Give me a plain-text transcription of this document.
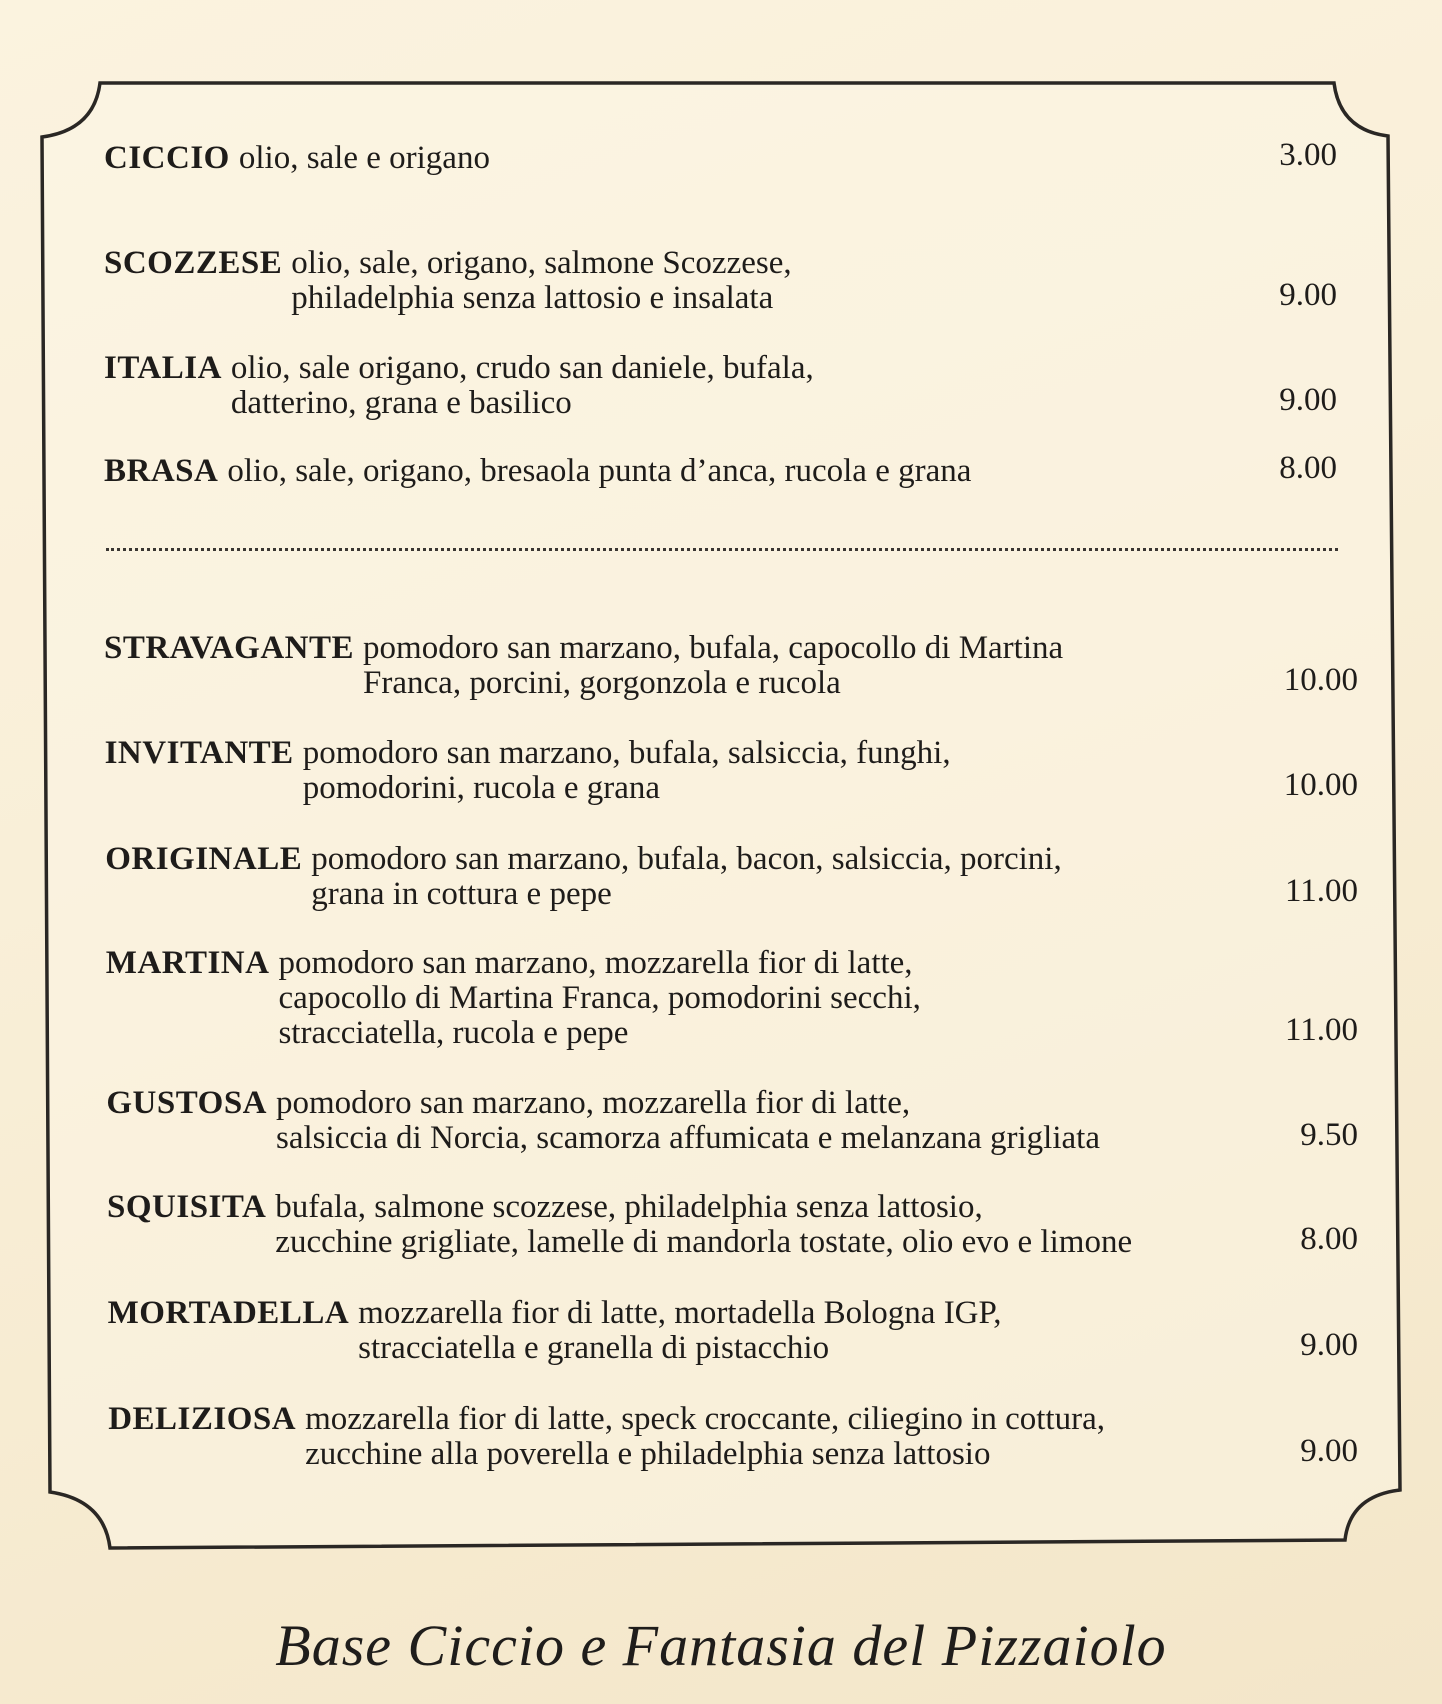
CICCIO olio, sale e origano	3.00
SCOZZESE olio, sale, origano, salmone Scozzese,
philadelphia senza lattosio e insalata	9.00
ITALIA olio, sale origano, crudo san daniele, bufala,
datterino, grana e basilico	9.00
BRASA olio, sale, origano, bresaola punta d’anca, rucola e grana	8.00
STRAVAGANTE pomodoro san marzano, bufala, capocollo di Martina
Franca, porcini, gorgonzola e rucola	10.00
INVITANTE pomodoro san marzano, bufala, salsiccia, funghi,
pomodorini, rucola e grana	10.00
ORIGINALE pomodoro san marzano, bufala, bacon, salsiccia, porcini,
grana in cottura e pepe	11.00
MARTINA pomodoro san marzano, mozzarella fior di latte,
capocollo di Martina Franca, pomodorini secchi,
stracciatella, rucola e pepe	11.00
GUSTOSA pomodoro san marzano, mozzarella fior di latte,
salsiccia di Norcia, scamorza affumicata e melanzana grigliata	9.50
SQUISITA bufala, salmone scozzese, philadelphia senza lattosio,
zucchine grigliate, lamelle di mandorla tostate, olio evo e limone	8.00
MORTADELLA mozzarella fior di latte, mortadella Bologna IGP,
stracciatella e granella di pistacchio	9.00
DELIZIOSA mozzarella fior di latte, speck croccante, ciliegino in cottura,
zucchine alla poverella e philadelphia senza lattosio	9.00
Base Ciccio e Fantasia del Pizzaiolo
